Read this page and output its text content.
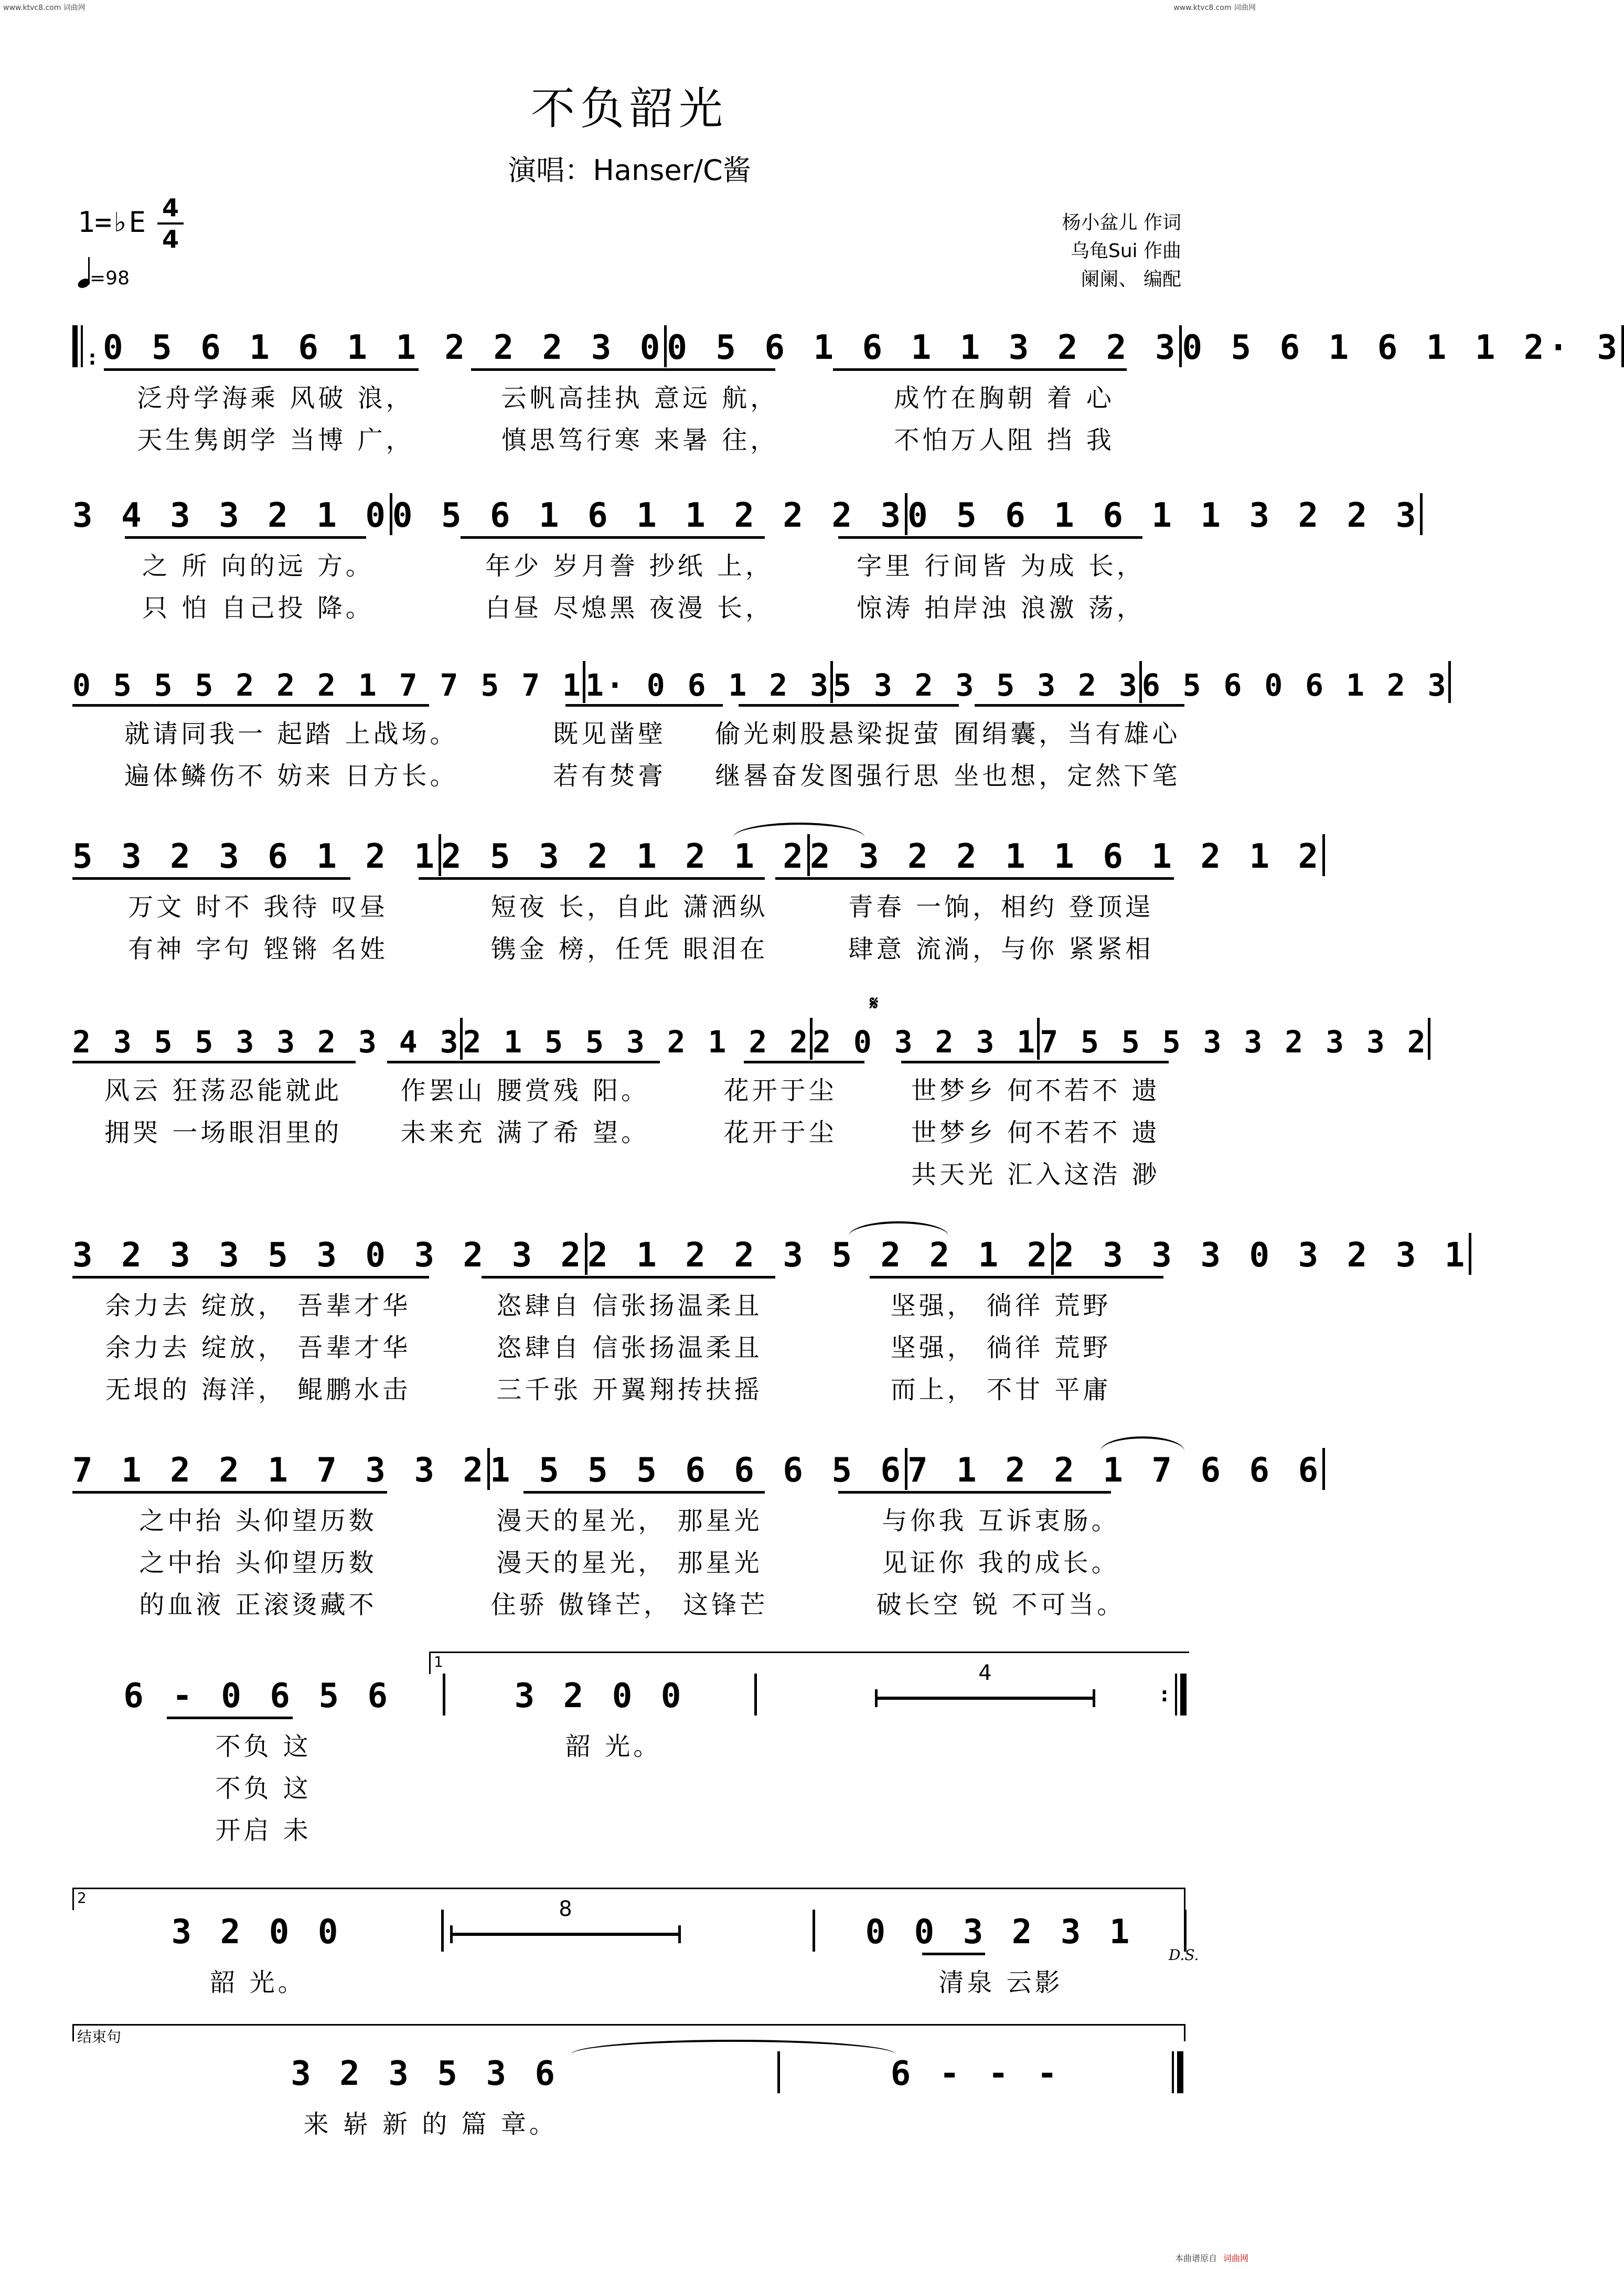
www.ktvc8.com 词曲网	www.ktvc8.com 词曲网
不负韶光
演唱：Hanser/C酱
1=♭E 4
4
=98
杨小盆儿 作词
乌龟Sui 作曲
阑阑、 编配
: 0 5 6 1 6 1 1 2 2 2 3 0 0 5 6 1 6 1 1 3 2 2 3 0 5 6 1 6 1 1 2· 3
泛舟学海乘 风破 浪，	云帆高挂执 意远 航，	成竹在胸朝 着 心
天生隽朗学 当博 广，	慎思笃行寒 来暑 往，	不怕万人阻 挡 我
3 4 3 3 2 1 0 0 5 6 1 6 1 1 2 2 2 3 0 5 6 1 6 1 1 3 2 2 3
之 所 向的远 方。	年少 岁月誊 抄纸 上，	字里 行间皆 为成 长，
只 怕 自己投 降。	白昼 尽熄黑 夜漫 长，	惊涛 拍岸浊 浪激 荡，
0 5 5 5 2 2 2 1 7 7 5 7 1 1· 0 6 1 2 3 5 3 2 3 5 3 2 3 6 5 6 0 6 1 2 3
就请同我一 起踏 上战场。	既见凿壁	偷光刺股悬梁捉萤 囿绢囊，当有雄心
遍体鳞伤不 妨来 日方长。	若有焚膏	继晷奋发图强行思 坐也想，定然下笔
5 3 2 3 6 1 2 1 2 5 3 2 1 2 1 2 2 3 2 2 1 1 6 1 2 1 2
万文 时不 我待 叹昼	短夜 长，自此 潇洒纵	青春 一饷，相约 登顶逞
有神 字句 铿锵 名姓	镌金 榜，任凭 眼泪在	肆意 流淌，与你 紧紧相
𝄋
2 3 5 5 3 3 2 3 4 3 2 1 5 5 3 2 1 2 2 2 0 3 2 3 1 7 5 5 5 3 3 2 3 3 2
风云 狂荡忍能就此	作罢山 腰赏残 阳。	花开于尘	世梦乡 何不若不 遗
拥哭 一场眼泪里的	未来充 满了希 望。	花开于尘	世梦乡 何不若不 遗
共天光 汇入这浩 渺
3 2 3 3 5 3 0 3 2 3 2 2 1 2 2 3 5 2 2 1 2 2 3 3 3 0 3 2 3 1
余力去 绽放， 吾辈才华	恣肆自 信张扬温柔且	坚强， 徜徉 荒野
余力去 绽放， 吾辈才华	恣肆自 信张扬温柔且	坚强， 徜徉 荒野
无垠的 海洋， 鲲鹏水击	三千张 开翼翔抟扶摇	而上， 不甘 平庸
7 1 2 2 1 7 3 3 2 1 5 5 5 6 6 6 5 6 7 1 2 2 1 7 6 6 6
之中抬 头仰望历数	漫天的星光， 那星光	与你我 互诉衷肠。
之中抬 头仰望历数	漫天的星光， 那星光	见证你 我的成长。
的血液 正滚烫藏不	住骄 傲锋芒， 这锋芒	破长空 锐 不可当。
1
6 - 0 6 5 6	3 2 0 0	:
4
不负 这	韶 光。
不负 这
开启 未
2
3 2 0 0	0 0 3 2 3 1
8
D.S.
韶 光。	清泉 云影
结束句
3 2 3 5 3 6	6 - - -
来 崭 新 的 篇 章。
本曲谱原自 词曲网
